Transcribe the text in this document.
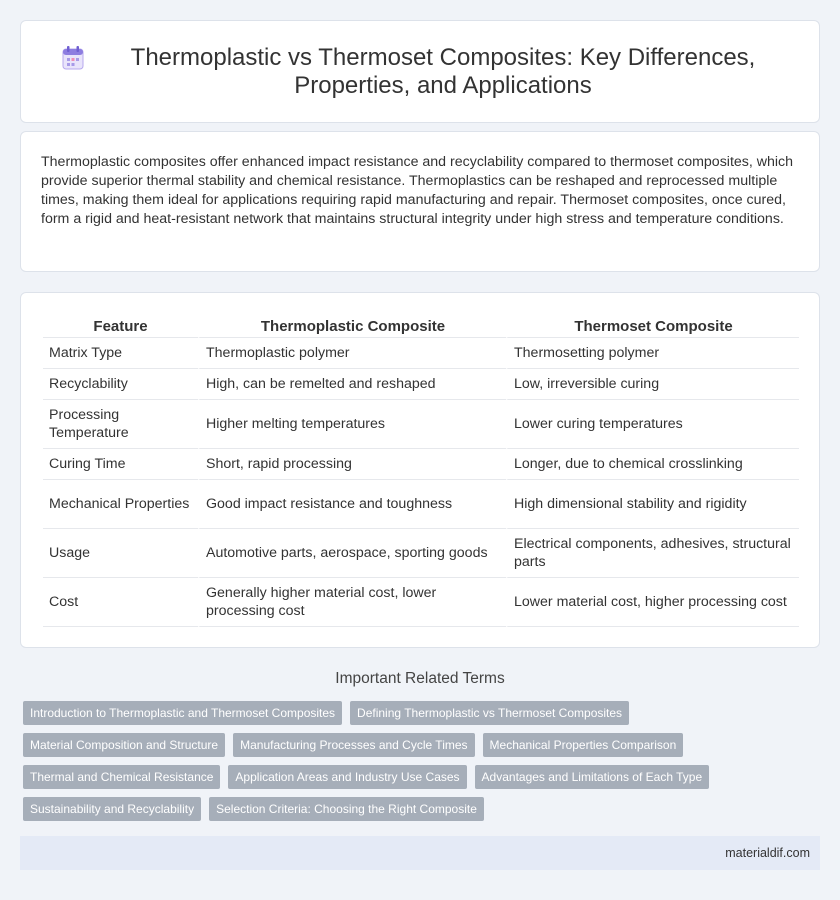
Thermoplastic vs Thermoset Composites: Key Differences, Properties, and Applications

Thermoplastic composites offer enhanced impact resistance and recyclability compared to thermoset composites, which provide superior thermal stability and chemical resistance. Thermoplastics can be reshaped and reprocessed multiple times, making them ideal for applications requiring rapid manufacturing and repair. Thermoset composites, once cured, form a rigid and heat-resistant network that maintains structural integrity under high stress and temperature conditions.

Feature	Thermoplastic Composite	Thermoset Composite
Matrix Type	Thermoplastic polymer	Thermosetting polymer
Recyclability	High, can be remelted and reshaped	Low, irreversible curing
Processing Temperature	Higher melting temperatures	Lower curing temperatures
Curing Time	Short, rapid processing	Longer, due to chemical crosslinking
Mechanical Properties	Good impact resistance and toughness	High dimensional stability and rigidity
Usage	Automotive parts, aerospace, sporting goods	Electrical components, adhesives, structural parts
Cost	Generally higher material cost, lower processing cost	Lower material cost, higher processing cost
Important Related Terms
Introduction to Thermoplastic and Thermoset Composites	Defining Thermoplastic vs Thermoset Composites
Material Composition and Structure	Manufacturing Processes and Cycle Times	Mechanical Properties Comparison
Thermal and Chemical Resistance	Application Areas and Industry Use Cases	Advantages and Limitations of Each Type
Sustainability and Recyclability	Selection Criteria: Choosing the Right Composite
materialdif.com
